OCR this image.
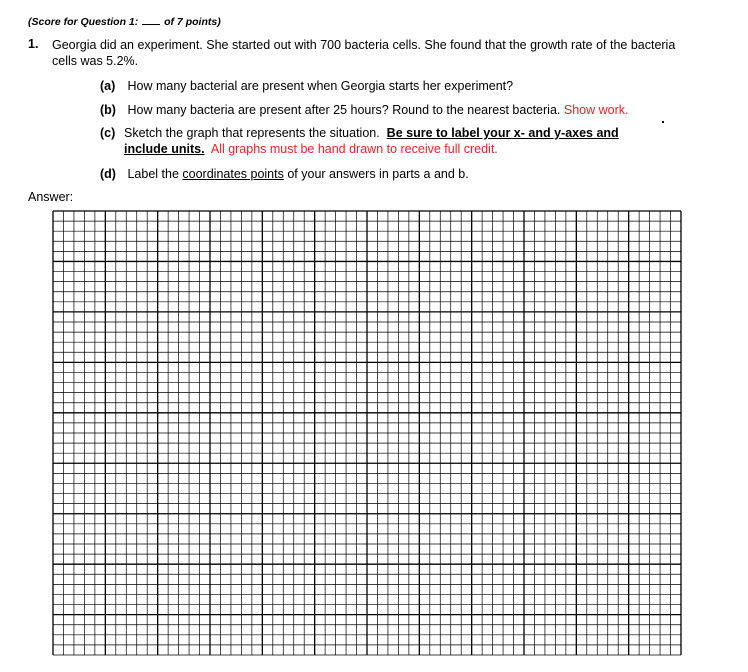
(Score for Question 1: of 7 points)
1. Georgia did an experiment. She started out with 700 bacteria cells. She found that the growth rate of the bacteria cells was 5.2%.
(a) How many bacterial are present when Georgia starts her experiment?
(b) How many bacteria are present after 25 hours? Round to the nearest bacteria. Show work.
(c) Sketch the graph that represents the situation. Be sure to label your x- and y-axes and include units. All graphs must be hand drawn to receive full credit.
(d) Label the coordinates points of your answers in parts a and b.
Answer:
